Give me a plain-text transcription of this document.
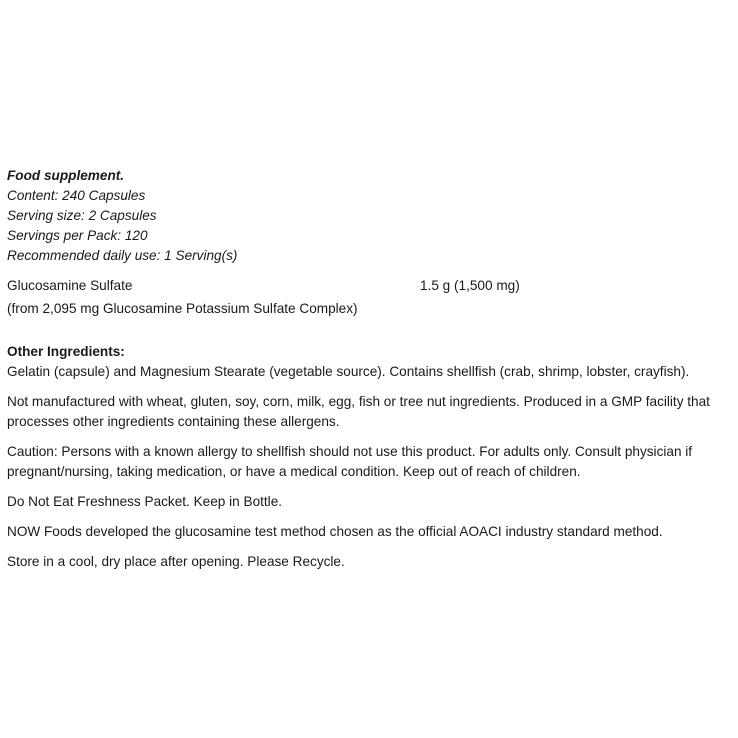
Food supplement.
Content: 240 Capsules
Serving size: 2 Capsules
Servings per Pack: 120
Recommended daily use: 1 Serving(s)
Glucosamine Sulfate	1.5 g (1,500 mg)
(from 2,095 mg Glucosamine Potassium Sulfate Complex)
Other Ingredients:
Gelatin (capsule) and Magnesium Stearate (vegetable source). Contains shellfish (crab, shrimp, lobster, crayfish).
Not manufactured with wheat, gluten, soy, corn, milk, egg, fish or tree nut ingredients. Produced in a GMP facility that
processes other ingredients containing these allergens.
Caution: Persons with a known allergy to shellfish should not use this product. For adults only. Consult physician if
pregnant/nursing, taking medication, or have a medical condition. Keep out of reach of children.
Do Not Eat Freshness Packet. Keep in Bottle.
NOW Foods developed the glucosamine test method chosen as the official AOACI industry standard method.
Store in a cool, dry place after opening. Please Recycle.
